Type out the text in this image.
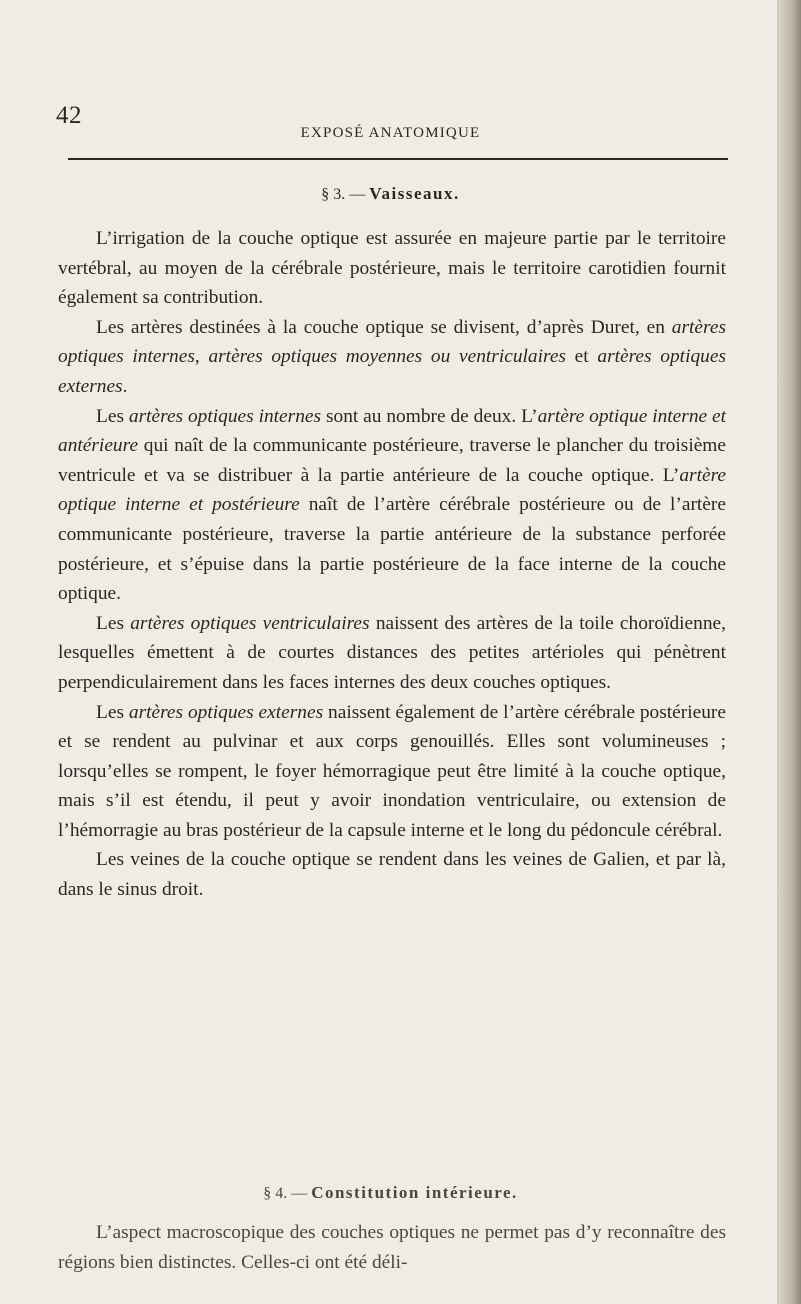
42
EXPOSÉ ANATOMIQUE
§ 3. — Vaisseaux.

L’irrigation de la couche optique est assurée en majeure partie par le territoire vertébral, au moyen de la cérébrale postérieure, mais le territoire carotidien fournit également sa contribution.

Les artères destinées à la couche optique se divisent, d’après Duret, en artères optiques internes, artères optiques moyennes ou ventriculaires et artères optiques externes.

Les artères optiques internes sont au nombre de deux. L’artère optique interne et antérieure qui naît de la communicante postérieure, traverse le plancher du troisième ventricule et va se distribuer à la partie antérieure de la couche optique. L’artère optique interne et postérieure naît de l’artère cérébrale postérieure ou de l’artère communicante postérieure, traverse la partie antérieure de la substance perforée postérieure, et s’épuise dans la partie postérieure de la face interne de la couche optique.

Les artères optiques ventriculaires naissent des artères de la toile choroïdienne, lesquelles émettent à de courtes distances des petites artérioles qui pénètrent perpendiculairement dans les faces internes des deux couches optiques.

Les artères optiques externes naissent également de l’artère cérébrale postérieure et se rendent au pulvinar et aux corps genouillés. Elles sont volumineuses ; lorsqu’elles se rompent, le foyer hémorragique peut être limité à la couche optique, mais s’il est étendu, il peut y avoir inondation ventriculaire, ou extension de l’hémorragie au bras postérieur de la capsule interne et le long du pédoncule cérébral.

Les veines de la couche optique se rendent dans les veines de Galien, et par là, dans le sinus droit.

§ 4. — Constitution intérieure.

L’aspect macroscopique des couches optiques ne permet pas d’y reconnaître des régions bien distinctes. Celles-ci ont été déli-
